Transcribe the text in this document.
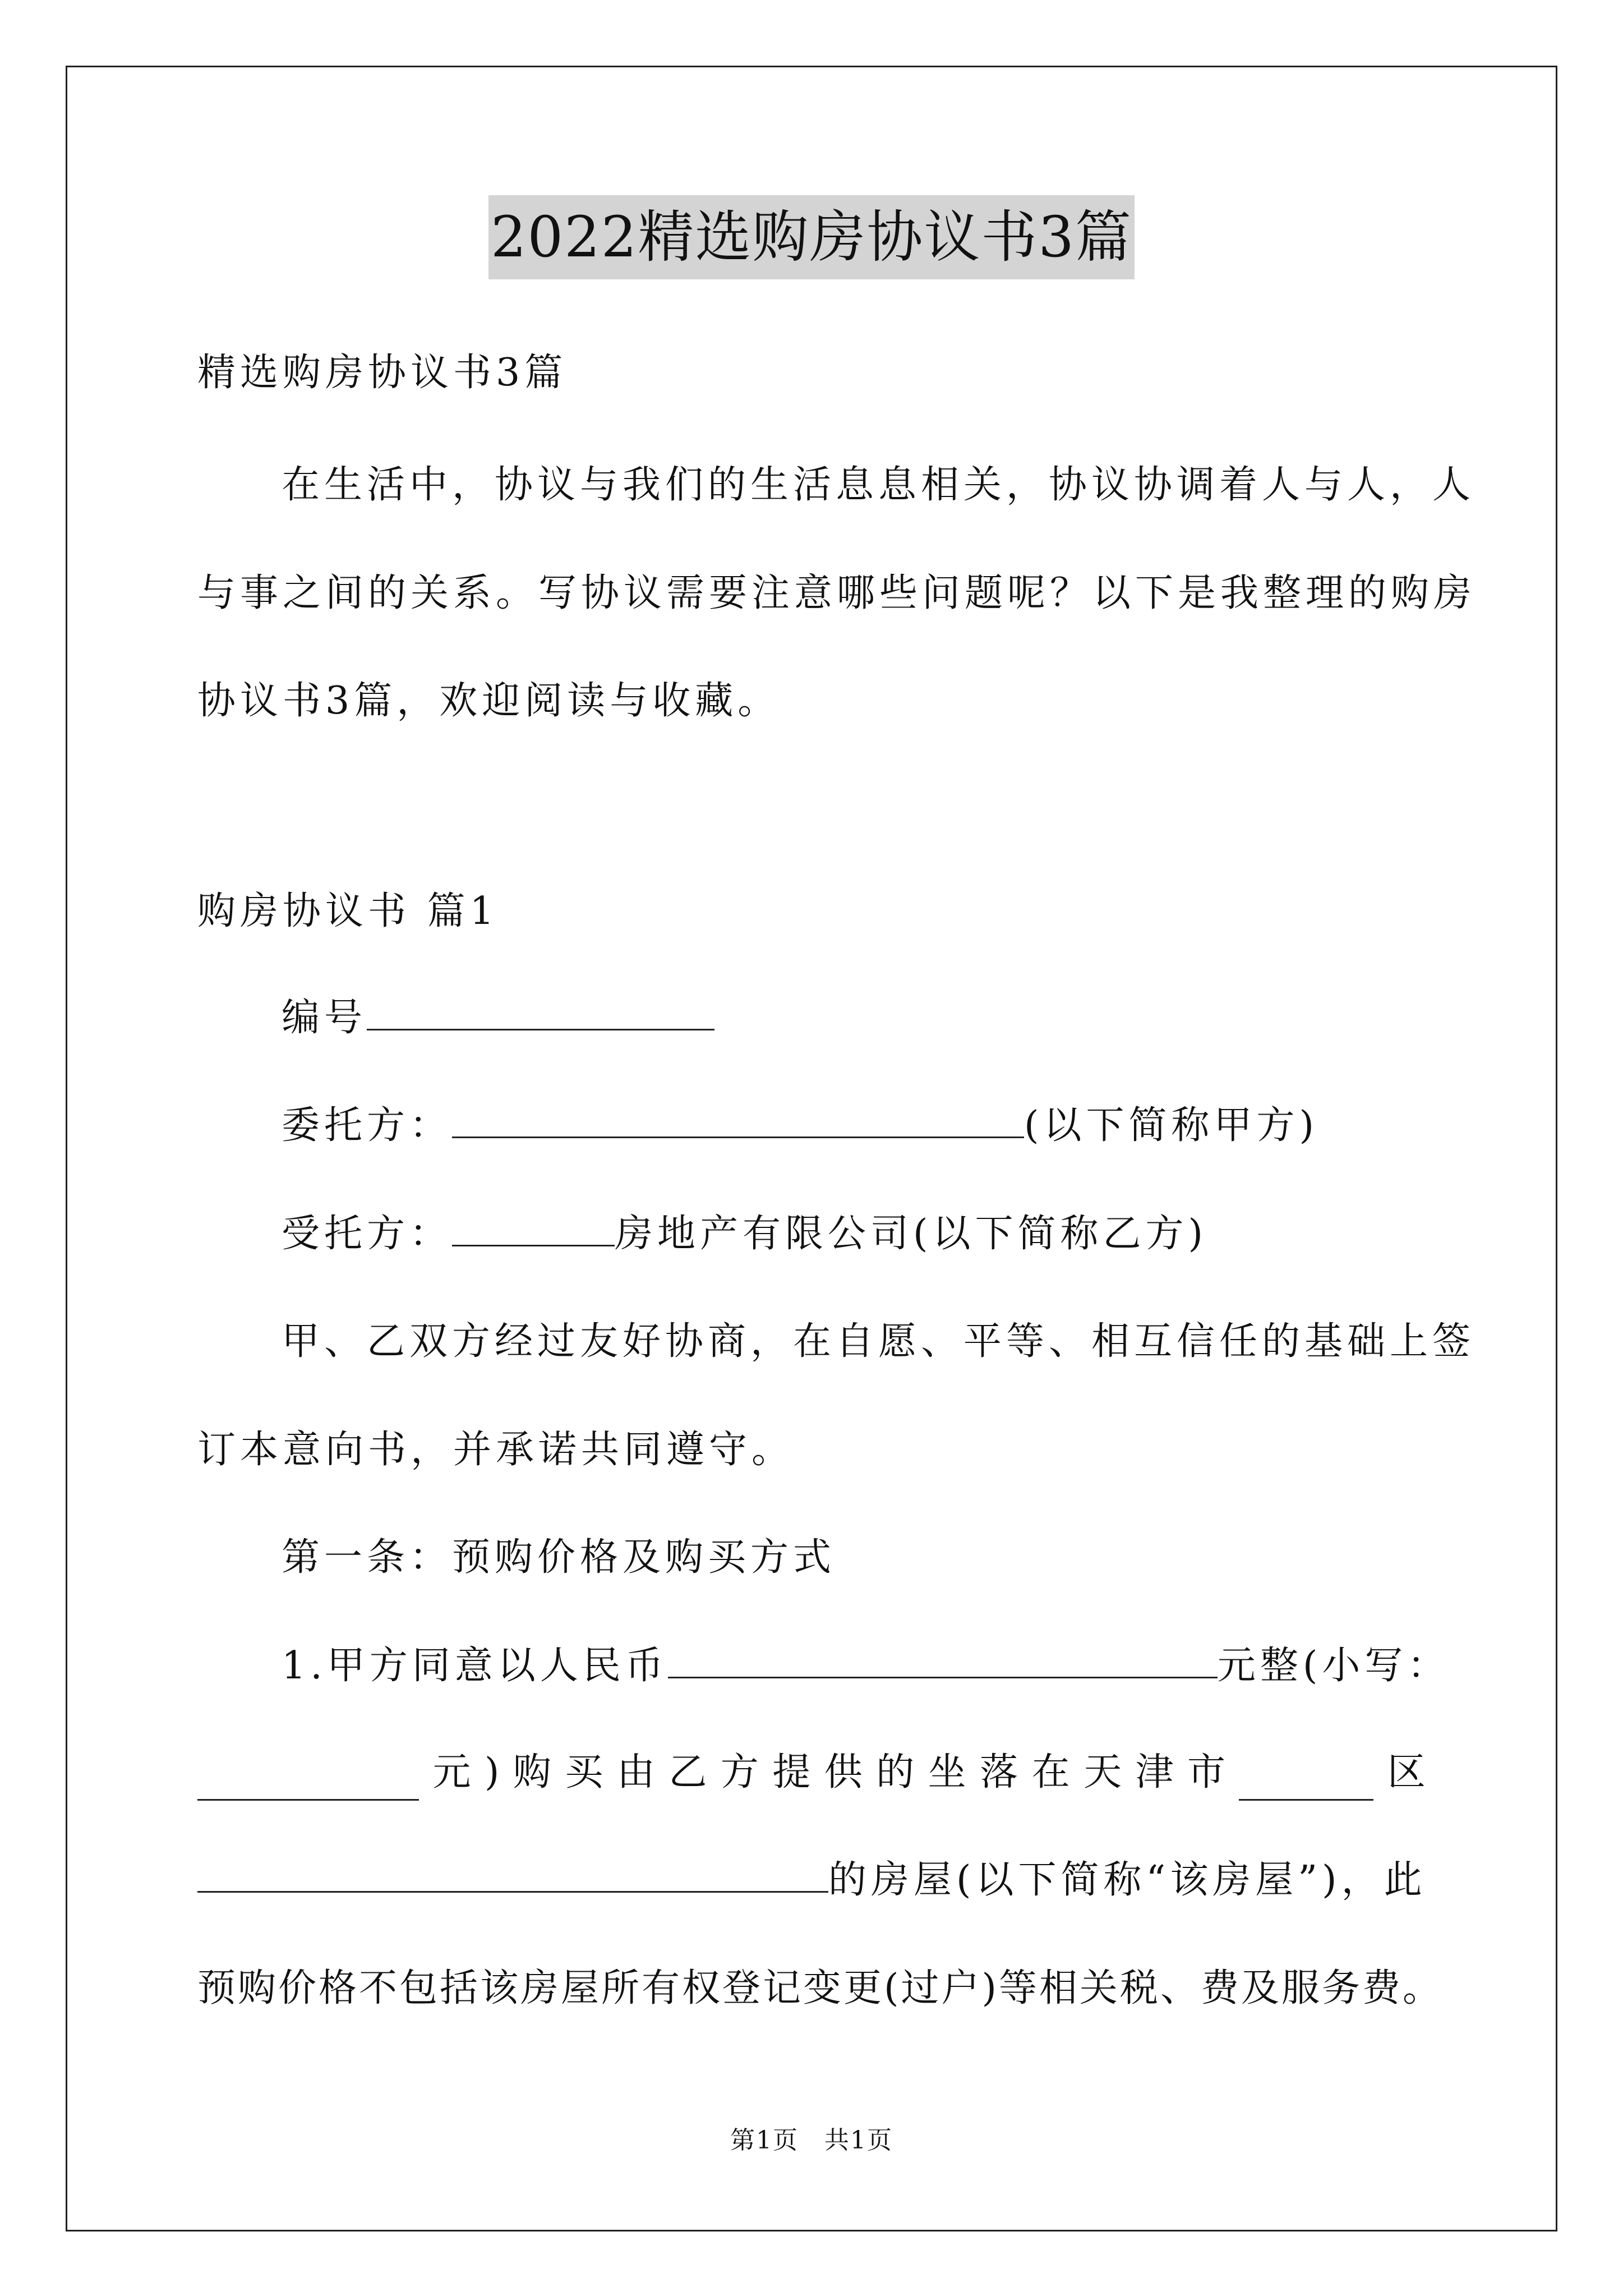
2022精选购房协议书3篇
精选购房协议书3篇
在生活中，协议与我们的生活息息相关，协议协调着人与人，人
与事之间的关系。写协议需要注意哪些问题呢？以下是我整理的购房
协议书3篇，欢迎阅读与收藏。
购房协议书 篇1
编号
委托方：	(以下简称甲方)
受托方：	房地产有限公司(以下简称乙方)
甲、乙双方经过友好协商，在自愿、平等、相互信任的基础上签
订本意向书，并承诺共同遵守。
第一条：预购价格及购买方式
1.甲方同意以人民币	元整(小写：
元 ) 购 买 由 乙 方 提 供 的 坐 落 在 天 津 市	区
的房屋(以下简称“该房屋”)，此
预购价格不包括该房屋所有权登记变更(过户)等相关税、费及服务费。
第1页　共1页
